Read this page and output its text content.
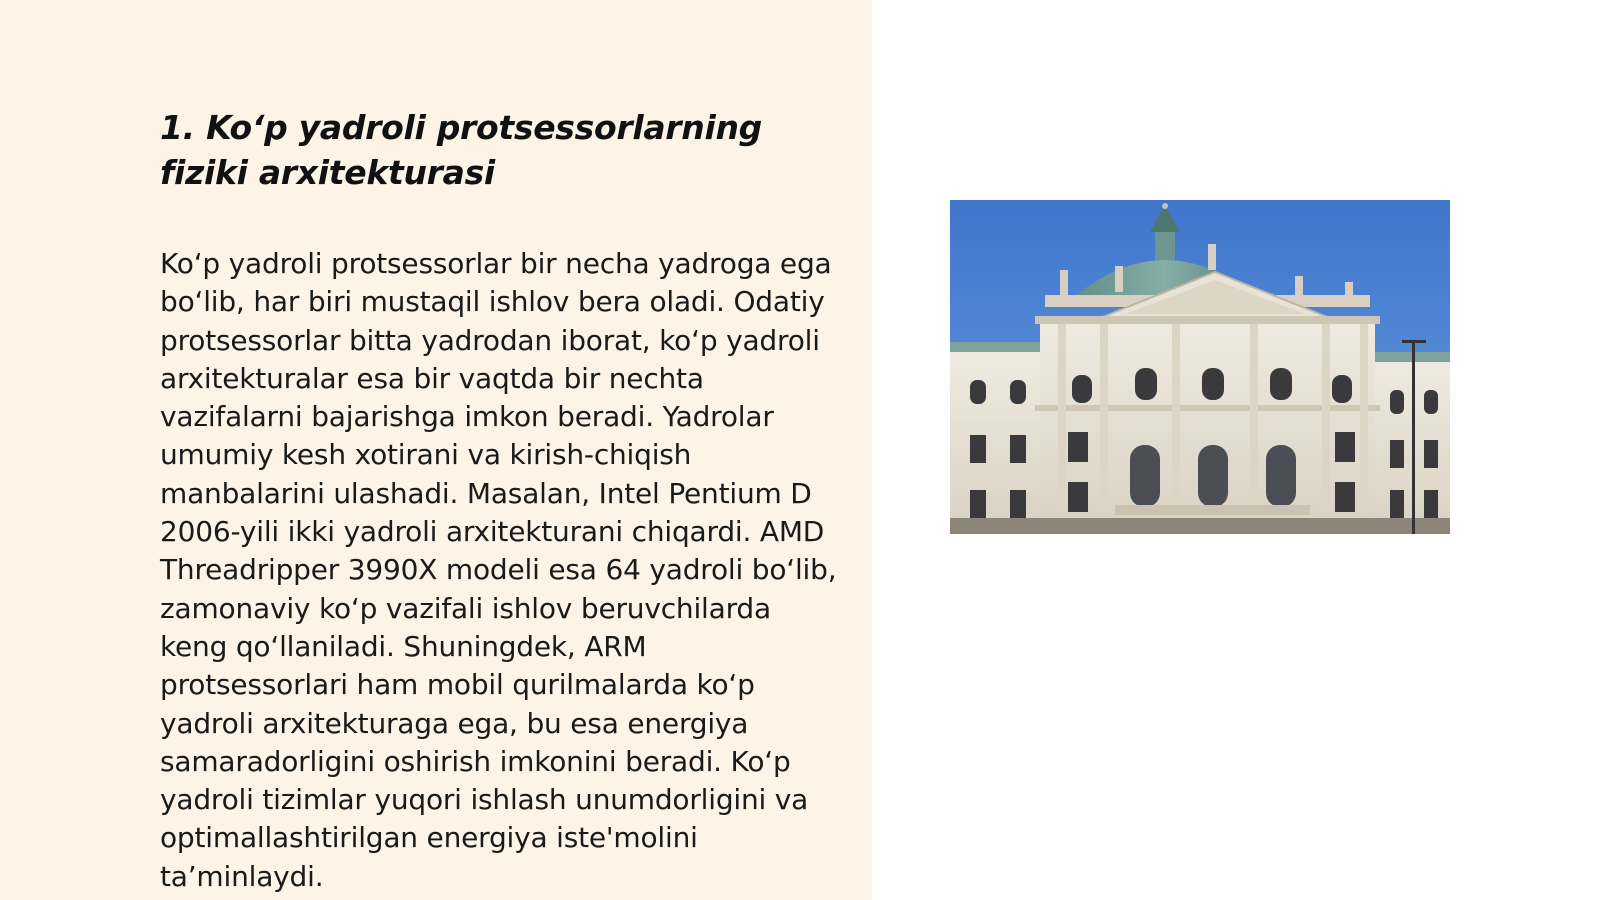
1. Ko‘p yadroli protsessorlarning fiziki arxitekturasi

Ko‘p yadroli protsessorlar bir necha yadroga ega bo‘lib, har biri mustaqil ishlov bera oladi. Odatiy protsessorlar bitta yadrodan iborat, ko‘p yadroli arxitekturalar esa bir vaqtda bir nechta vazifalarni bajarishga imkon beradi. Yadrolar umumiy kesh xotirani va kirish-chiqish manbalarini ulashadi. Masalan, Intel Pentium D 2006-yili ikki yadroli arxitekturani chiqardi. AMD Threadripper 3990X modeli esa 64 yadroli bo‘lib, zamonaviy ko‘p vazifali ishlov beruvchilarda keng qo‘llaniladi. Shuningdek, ARM protsessorlari ham mobil qurilmalarda ko‘p yadroli arxitekturaga ega, bu esa energiya samaradorligini oshirish imkonini beradi. Ko‘p yadroli tizimlar yuqori ishlash unumdorligini va optimallashtirilgan energiya iste'molini ta’minlaydi.
